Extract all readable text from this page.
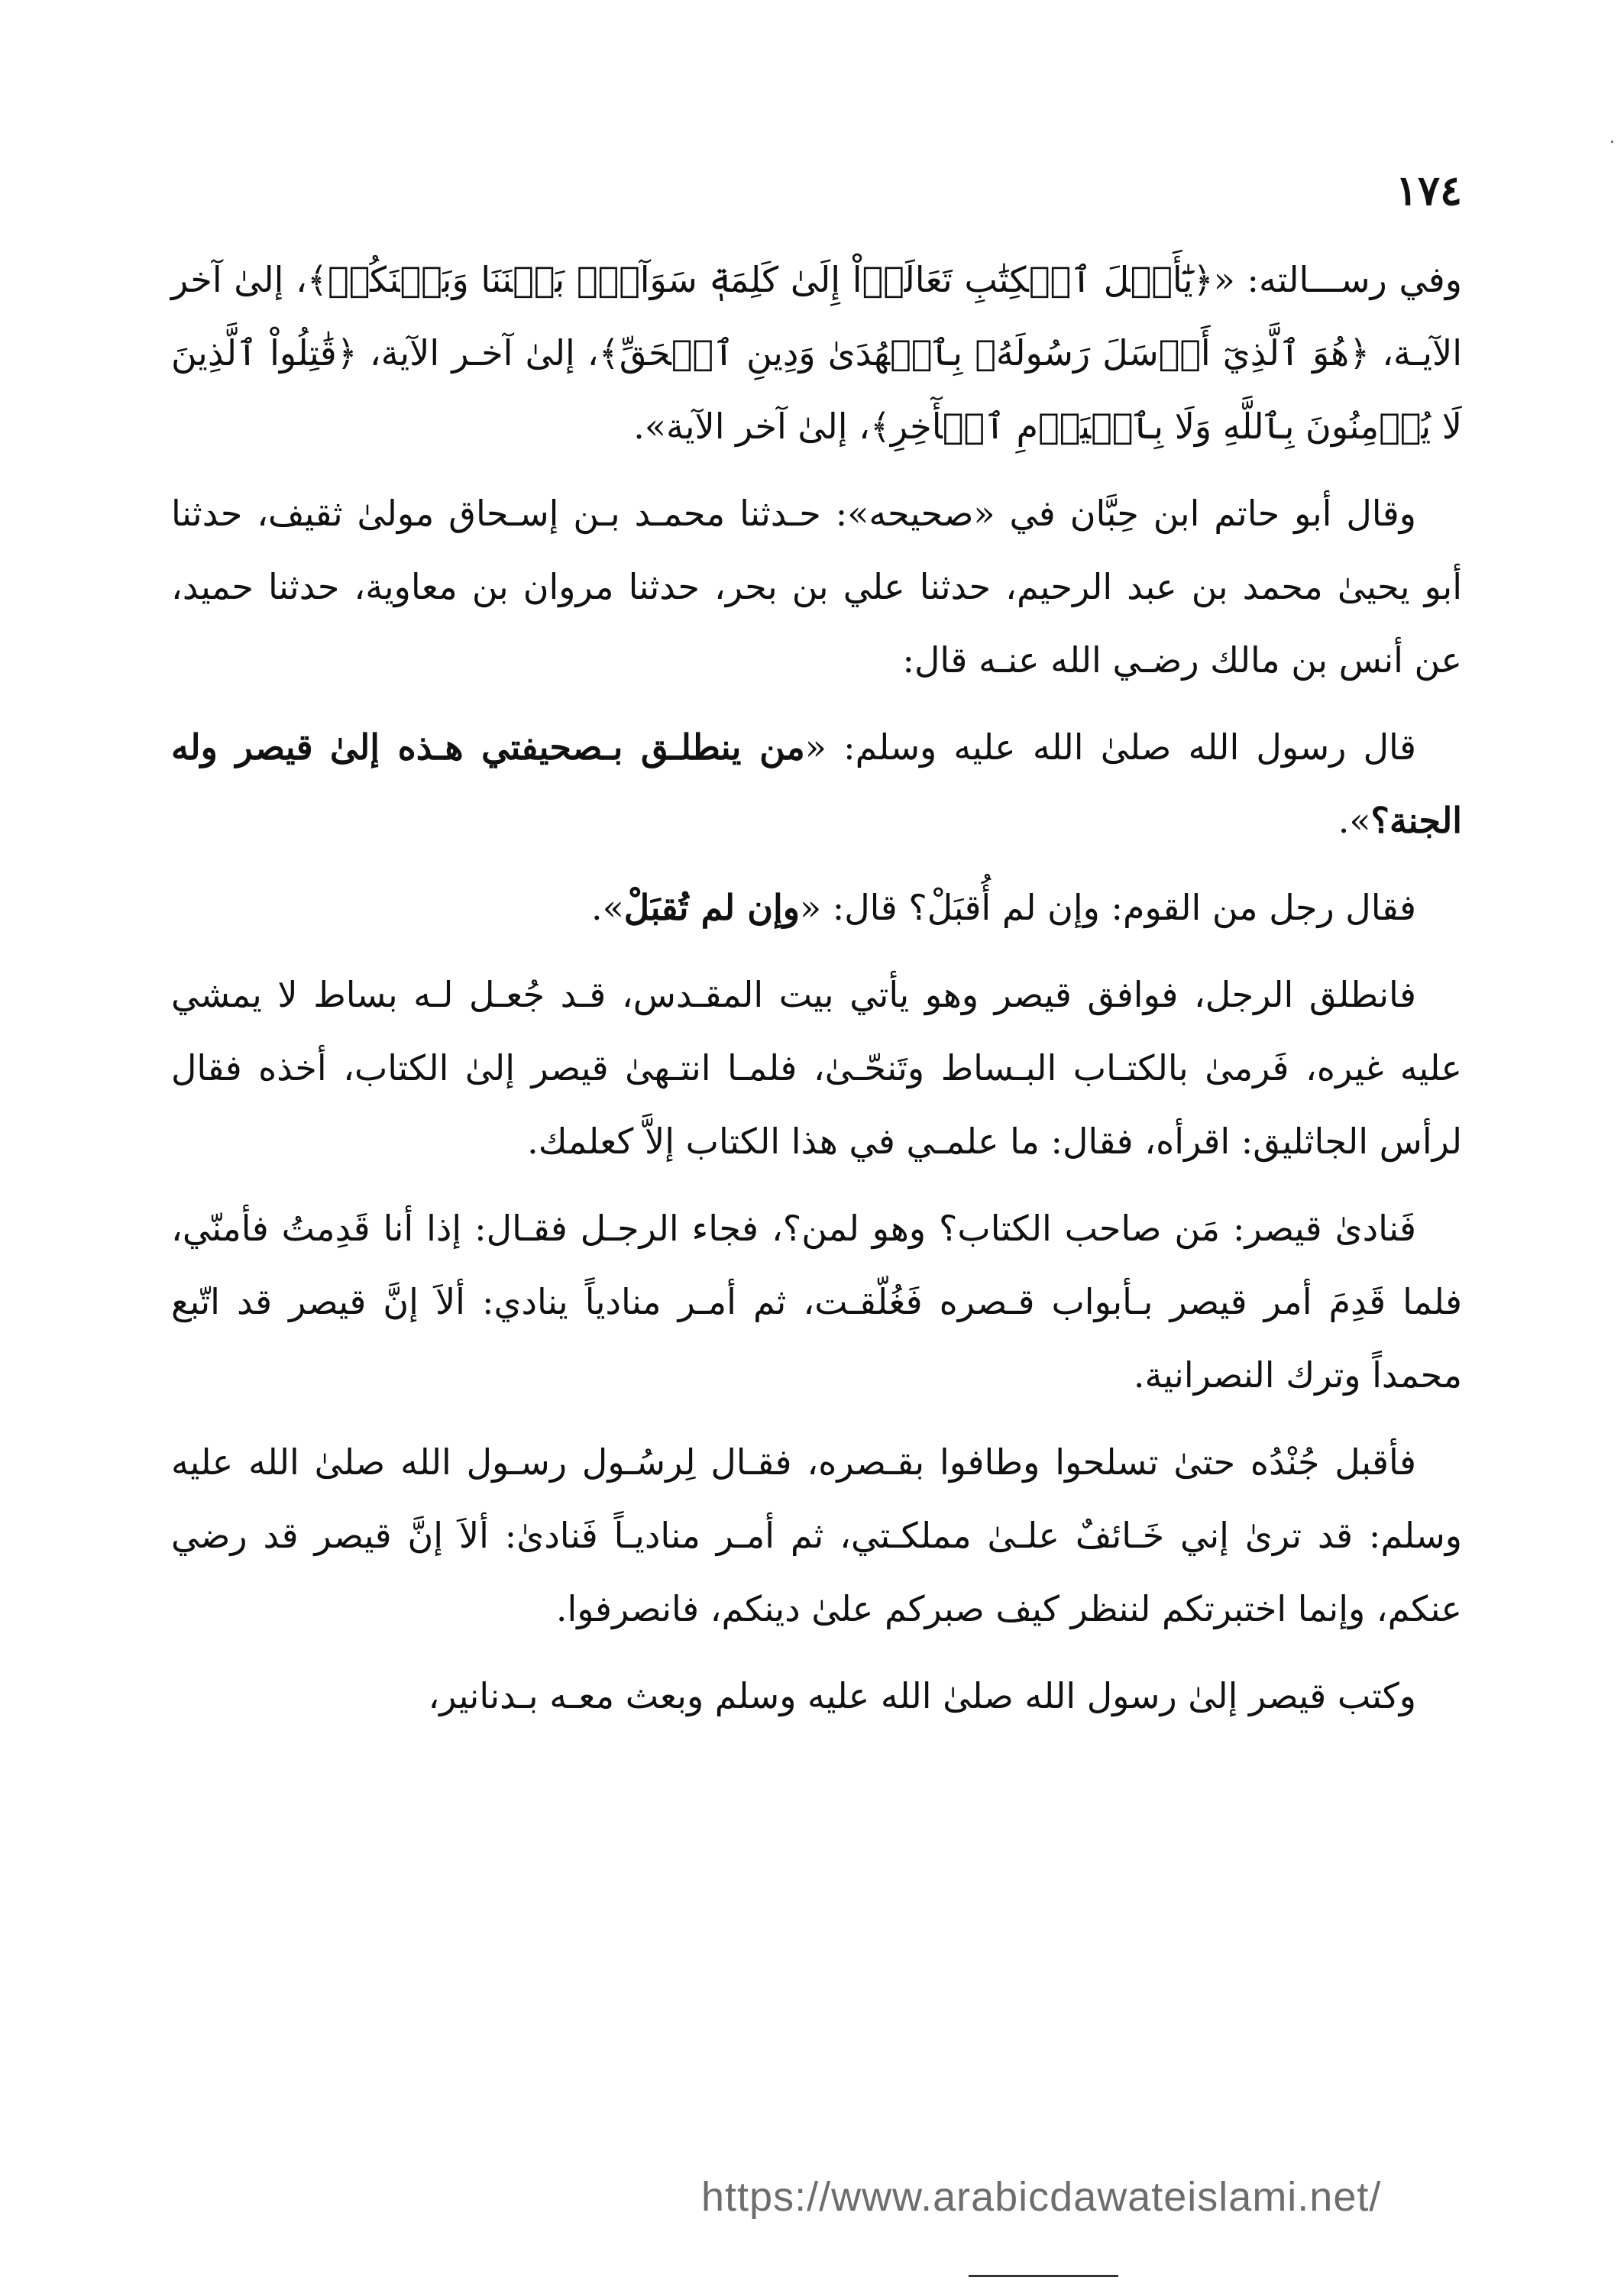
١٧٤

وفي رســـالته: «﴿يَٰٓأَهۡلَ ٱلۡكِتَٰبِ تَعَالَوۡاْ إِلَىٰ كَلِمَةٖ سَوَآءِۭ بَيۡنَنَا وَبَيۡنَكُمۡ﴾، إلىٰ آخر الآيـة، ﴿هُوَ ٱلَّذِيٓ أَرۡسَلَ رَسُولَهُۥ بِٱلۡهُدَىٰ وَدِينِ ٱلۡحَقِّ﴾، إلىٰ آخـر الآية، ﴿قَٰتِلُواْ ٱلَّذِينَ لَا يُؤۡمِنُونَ بِٱللَّهِ وَلَا بِٱلۡيَوۡمِ ٱلۡأٓخِرِ﴾، إلىٰ آخر الآية».

وقال أبو حاتم ابن حِبَّان في «صحيحه»: حـدثنا محمـد بـن إسـحاق مولىٰ ثقيف، حدثنا أبو يحيىٰ محمد بن عبد الرحيم، حدثنا علي بن بحر، حدثنا مروان بن معاوية، حدثنا حميد، عن أنس بن مالك رضـي الله عنـه قال:

قال رسول الله صلىٰ الله عليه وسلم: «من ينطلـق بـصحيفتي هـذه إلىٰ قيصر وله الجنة؟».

فقال رجل من القوم: وإن لم أُقبَلْ؟ قال: «وإن لم تُقبَلْ».

فانطلق الرجل، فوافق قيصر وهو يأتي بيت المقـدس، قـد جُعـل لـه بساط لا يمشي عليه غيره، فَرمىٰ بالكتـاب البـساط وتَنحّـىٰ، فلمـا انتـهىٰ قيصر إلىٰ الكتاب، أخذه فقال لرأس الجاثليق: اقرأه، فقال: ما علمـي في هذا الكتاب إلاَّ كعلمك.

فَنادىٰ قيصر: مَن صاحب الكتاب؟ وهو لمن؟، فجاء الرجـل فقـال: إذا أنا قَدِمتُ فأمنّي، فلما قَدِمَ أمر قيصر بـأبواب قـصره فَغُلّقـت، ثم أمـر منادياً ينادي: ألاَ إنَّ قيصر قد اتّبع محمداً وترك النصرانية.

فأقبل جُنْدُه حتىٰ تسلحوا وطافوا بقـصره، فقـال لِرسُـول رسـول الله صلىٰ الله عليه وسلم: قد ترىٰ إني خَـائفٌ علـىٰ مملكـتي، ثم أمـر مناديـاً فَنادىٰ: ألاَ إنَّ قيصر قد رضي عنكم، وإنما اختبرتكم لننظر كيف صبركم علىٰ دينكم، فانصرفوا.

وكتب قيصر إلىٰ رسول الله صلىٰ الله عليه وسلم وبعث معـه بـدنانير،

https://www.arabicdawateislami.net/
